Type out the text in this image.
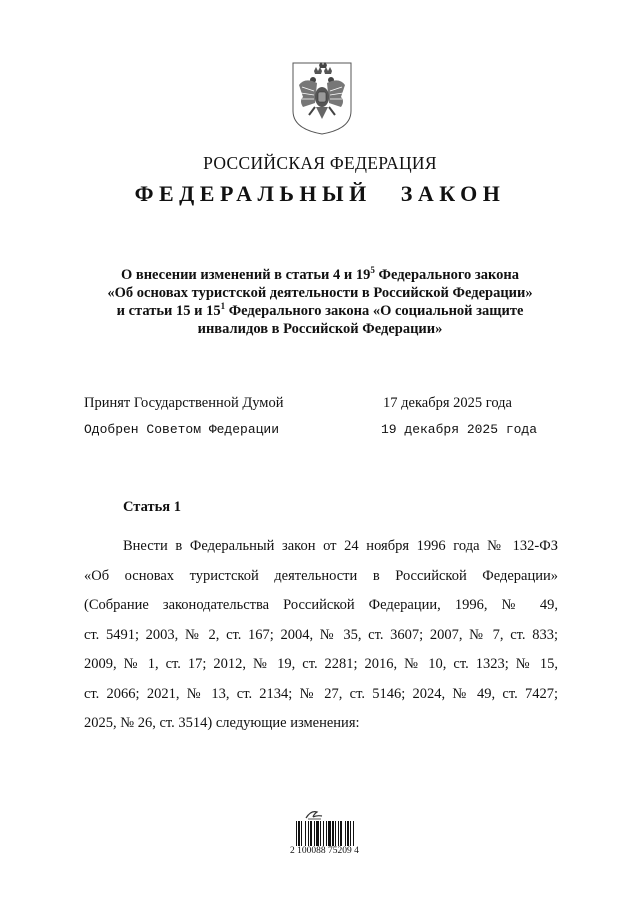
РОССИЙСКАЯ ФЕДЕРАЦИЯ
ФЕДЕРАЛЬНЫЙ ЗАКОН
О внесении изменений в статьи 4 и $19^5$ Федерального закона
«Об основах туристской деятельности в Российской Федерации»
и статьи 15 и $15^1$ Федерального закона «О социальной защите
инвалидов в Российской Федерации»
Принят Государственной Думой	17 декабря 2025 года
Одобрен Советом Федерации	19 декабря 2025 года
Статья 1
Внести в Федеральный закон от 24 ноября 1996 года № 132-ФЗ
«Об основах туристской деятельности в Российской Федерации»
(Собрание законодательства Российской Федерации, 1996, № 49,
ст. 5491; 2003, № 2, ст. 167; 2004, № 35, ст. 3607; 2007, № 7, ст. 833;
2009, № 1, ст. 17; 2012, № 19, ст. 2281; 2016, № 10, ст. 1323; № 15,
ст. 2066; 2021, № 13, ст. 2134; № 27, ст. 5146; 2024, № 49, ст. 7427;
2025, № 26, ст. 3514) следующие изменения:
2 100088 75209 4
